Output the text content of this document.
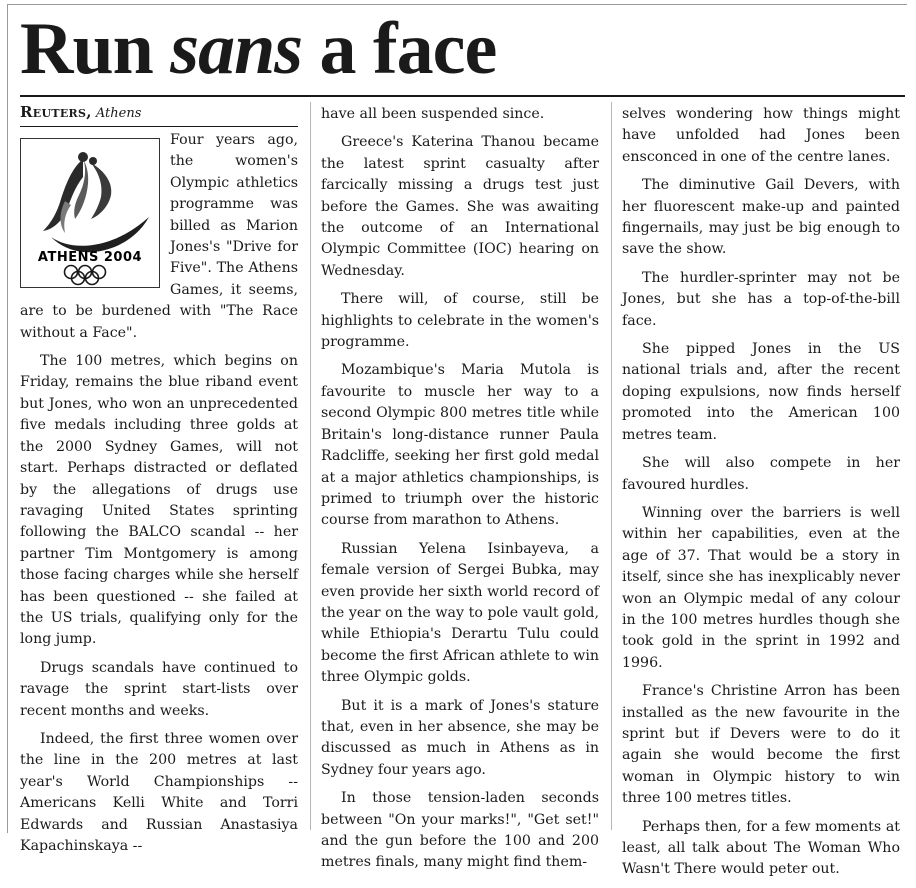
Run sans a face
Reuters, Athens
ATHENS 2004

Four years ago, the women's Olympic athletics programme was billed as Marion Jones's "Drive for Five". The Athens Games, it seems, are to be burdened with "The Race without a Face".

The 100 metres, which begins on Friday, remains the blue riband event but Jones, who won an unprecedented five medals including three golds at the 2000 Sydney Games, will not start. Perhaps distracted or deflated by the allegations of drugs use ravaging United States sprinting following the BALCO scandal -- her partner Tim Montgomery is among those facing charges while she herself has been questioned -- she failed at the US trials, qualifying only for the long jump.

Drugs scandals have continued to ravage the sprint start-lists over recent months and weeks.

Indeed, the first three women over the line in the 200 metres at last year's World Championships -- Americans Kelli White and Torri Edwards and Russian Anastasiya Kapachinskaya --

have all been suspended since.

Greece's Katerina Thanou became the latest sprint casualty after farcically missing a drugs test just before the Games. She was awaiting the outcome of an International Olympic Committee (IOC) hearing on Wednesday.

There will, of course, still be highlights to celebrate in the women's programme.

Mozambique's Maria Mutola is favourite to muscle her way to a second Olympic 800 metres title while Britain's long-distance runner Paula Radcliffe, seeking her first gold medal at a major athletics championships, is primed to triumph over the historic course from marathon to Athens.

Russian Yelena Isinbayeva, a female version of Sergei Bubka, may even provide her sixth world record of the year on the way to pole vault gold, while Ethiopia's Derartu Tulu could become the first African athlete to win three Olympic golds.

But it is a mark of Jones's stature that, even in her absence, she may be discussed as much in Athens as in Sydney four years ago.

In those tension-laden seconds between "On your marks!", "Get set!" and the gun before the 100 and 200 metres finals, many might find them-

selves wondering how things might have unfolded had Jones been ensconced in one of the centre lanes.

The diminutive Gail Devers, with her fluorescent make-up and painted fingernails, may just be big enough to save the show.

The hurdler-sprinter may not be Jones, but she has a top-of-the-bill face.

She pipped Jones in the US national trials and, after the recent doping expulsions, now finds herself promoted into the American 100 metres team.

She will also compete in her favoured hurdles.

Winning over the barriers is well within her capabilities, even at the age of 37. That would be a story in itself, since she has inexplicably never won an Olympic medal of any colour in the 100 metres hurdles though she took gold in the sprint in 1992 and 1996.

France's Christine Arron has been installed as the new favourite in the sprint but if Devers were to do it again she would become the first woman in Olympic history to win three 100 metres titles.

Perhaps then, for a few moments at least, all talk about The Woman Who Wasn't There would peter out.
